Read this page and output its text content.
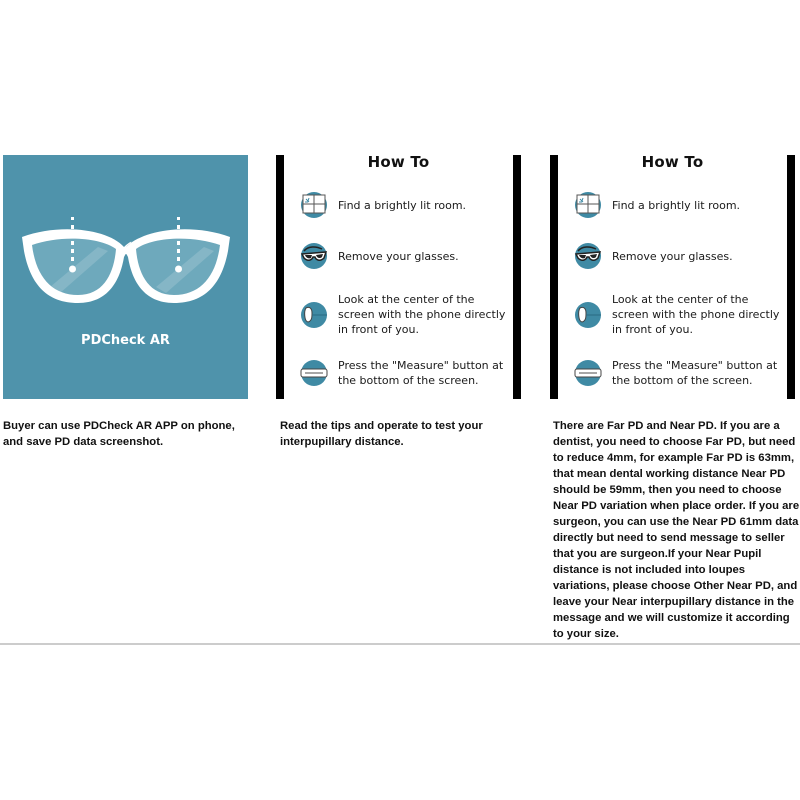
PDCheck AR
How To
Find a brightly lit room.
Remove your glasses.
Look at the center of the screen with the phone directly in front of you.
Press the "Measure" button at the bottom of the screen.
How To
Find a brightly lit room.
Remove your glasses.
Look at the center of the screen with the phone directly in front of you.
Press the "Measure" button at the bottom of the screen.
Buyer can use PDCheck AR APP on phone, and save PD data screenshot.
Read the tips and operate to test your interpupillary distance.
There are Far PD and Near PD. If you are a dentist, you need to choose Far PD, but need to reduce 4mm, for example Far PD is 63mm, that mean dental working distance Near PD should be 59mm, then you need to choose Near PD variation when place order. If you are surgeon, you can use the Near PD 61mm data directly but need to send message to seller that you are surgeon.If your Near Pupil distance is not included into loupes variations, please choose Other Near PD, and leave your Near interpupillary distance in the message and we will customize it according to your size.
